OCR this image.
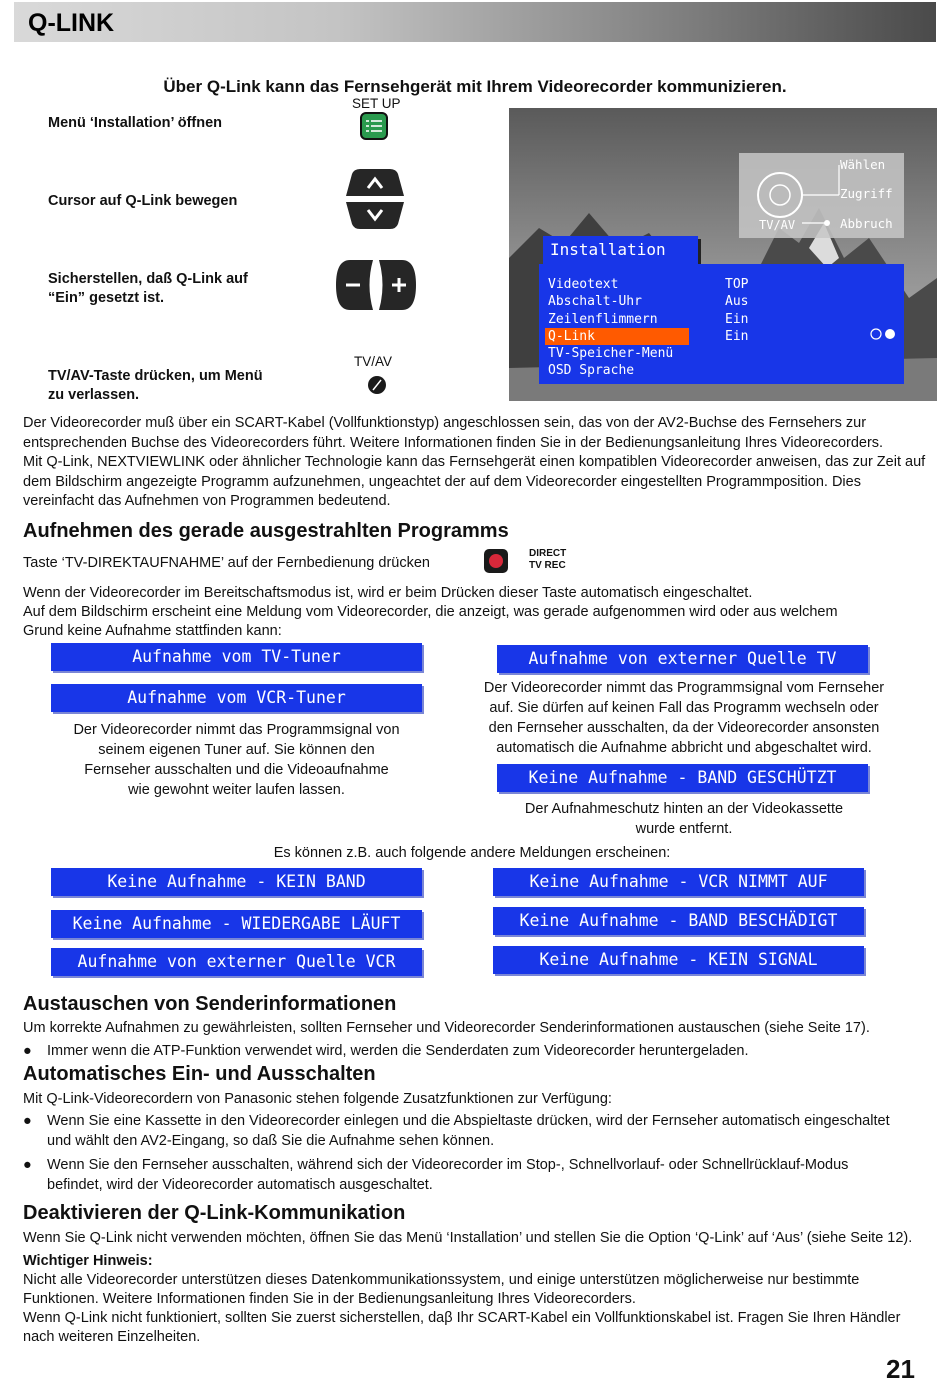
Q-LINK
Über Q-Link kann das Fernsehgerät mit Ihrem Videorecorder kommunizieren.
Menü ‘Installation’ öffnen
Cursor auf Q-Link bewegen
Sicherstellen, daß Q-Link auf
“Ein” gesetzt ist.
TV/AV-Taste drücken, um Menü
zu verlassen.
SET UP
TV/AV
Wählen
Zugriff
Abbruch
TV/AV
Installation
Videotext
Abschalt-Uhr
Zeilenflimmern
Q-Link
TV-Speicher-Menü
OSD Sprache
TOP
Aus
Ein
Ein
Der Videorecorder muß über ein SCART-Kabel (Vollfunktionstyp) angeschlossen sein, das von der AV2-Buchse des Fernsehers zur
entsprechenden Buchse des Videorecorders führt. Weitere Informationen finden Sie in der Bedienungsanleitung Ihres Videorecorders.
Mit Q-Link, NEXTVIEWLINK oder ähnlicher Technologie kann das Fernsehgerät einen kompatiblen Videorecorder anweisen, das zur Zeit auf
dem Bildschirm angezeigte Programm aufzunehmen, ungeachtet der auf dem Videorecorder eingestellten Programmposition. Dies
vereinfacht das Aufnehmen von Programmen bedeutend.
Aufnehmen des gerade ausgestrahlten Programms
Taste ‘TV-DIREKTAUFNAHME’ auf der Fernbedienung drücken
DIRECT
TV REC
Wenn der Videorecorder im Bereitschaftsmodus ist, wird er beim Drücken dieser Taste automatisch eingeschaltet.
Auf dem Bildschirm erscheint eine Meldung vom Videorecorder, die anzeigt, was gerade aufgenommen wird oder aus welchem
Grund keine Aufnahme stattfinden kann:
Aufnahme vom TV-Tuner
Aufnahme vom VCR-Tuner
Der Videorecorder nimmt das Programmsignal von
seinem eigenen Tuner auf. Sie können den
Fernseher ausschalten und die Videoaufnahme
wie gewohnt weiter laufen lassen.
Aufnahme von externer Quelle TV
Der Videorecorder nimmt das Programmsignal vom Fernseher
auf. Sie dürfen auf keinen Fall das Programm wechseln oder
den Fernseher ausschalten, da der Videorecorder ansonsten
automatisch die Aufnahme abbricht und abgeschaltet wird.
Keine Aufnahme - BAND GESCHÜTZT
Der Aufnahmeschutz hinten an der Videokassette
wurde entfernt.
Es können z.B. auch folgende andere Meldungen erscheinen:
Keine Aufnahme - KEIN BAND
Keine Aufnahme - WIEDERGABE LÄUFT
Aufnahme von externer Quelle VCR
Keine Aufnahme - VCR NIMMT AUF
Keine Aufnahme - BAND BESCHÄDIGT
Keine Aufnahme - KEIN SIGNAL
Austauschen von Senderinformationen
Um korrekte Aufnahmen zu gewährleisten, sollten Fernseher und Videorecorder Senderinformationen austauschen (siehe Seite 17).
● Immer wenn die ATP-Funktion verwendet wird, werden die Senderdaten zum Videorecorder heruntergeladen.
Automatisches Ein- und Ausschalten
Mit Q-Link-Videorecordern von Panasonic stehen folgende Zusatzfunktionen zur Verfügung:
● Wenn Sie eine Kassette in den Videorecorder einlegen und die Abspieltaste drücken, wird der Fernseher automatisch eingeschaltet
und wählt den AV2-Eingang, so daß Sie die Aufnahme sehen können.
● Wenn Sie den Fernseher ausschalten, während sich der Videorecorder im Stop-, Schnellvorlauf- oder Schnellrücklauf-Modus
befindet, wird der Videorecorder automatisch ausgeschaltet.
Deaktivieren der Q-Link-Kommunikation
Wenn Sie Q-Link nicht verwenden möchten, öffnen Sie das Menü ‘Installation’ und stellen Sie die Option ‘Q-Link’ auf ‘Aus’ (siehe Seite 12).
Wichtiger Hinweis:
Nicht alle Videorecorder unterstützen dieses Datenkommunikationssystem, und einige unterstützen möglicherweise nur bestimmte
Funktionen. Weitere Informationen finden Sie in der Bedienungsanleitung Ihres Videorecorders.
Wenn Q-Link nicht funktioniert, sollten Sie zuerst sicherstellen, daβ Ihr SCART-Kabel ein Vollfunktionskabel ist. Fragen Sie Ihren Händler
nach weiteren Einzelheiten.
21
